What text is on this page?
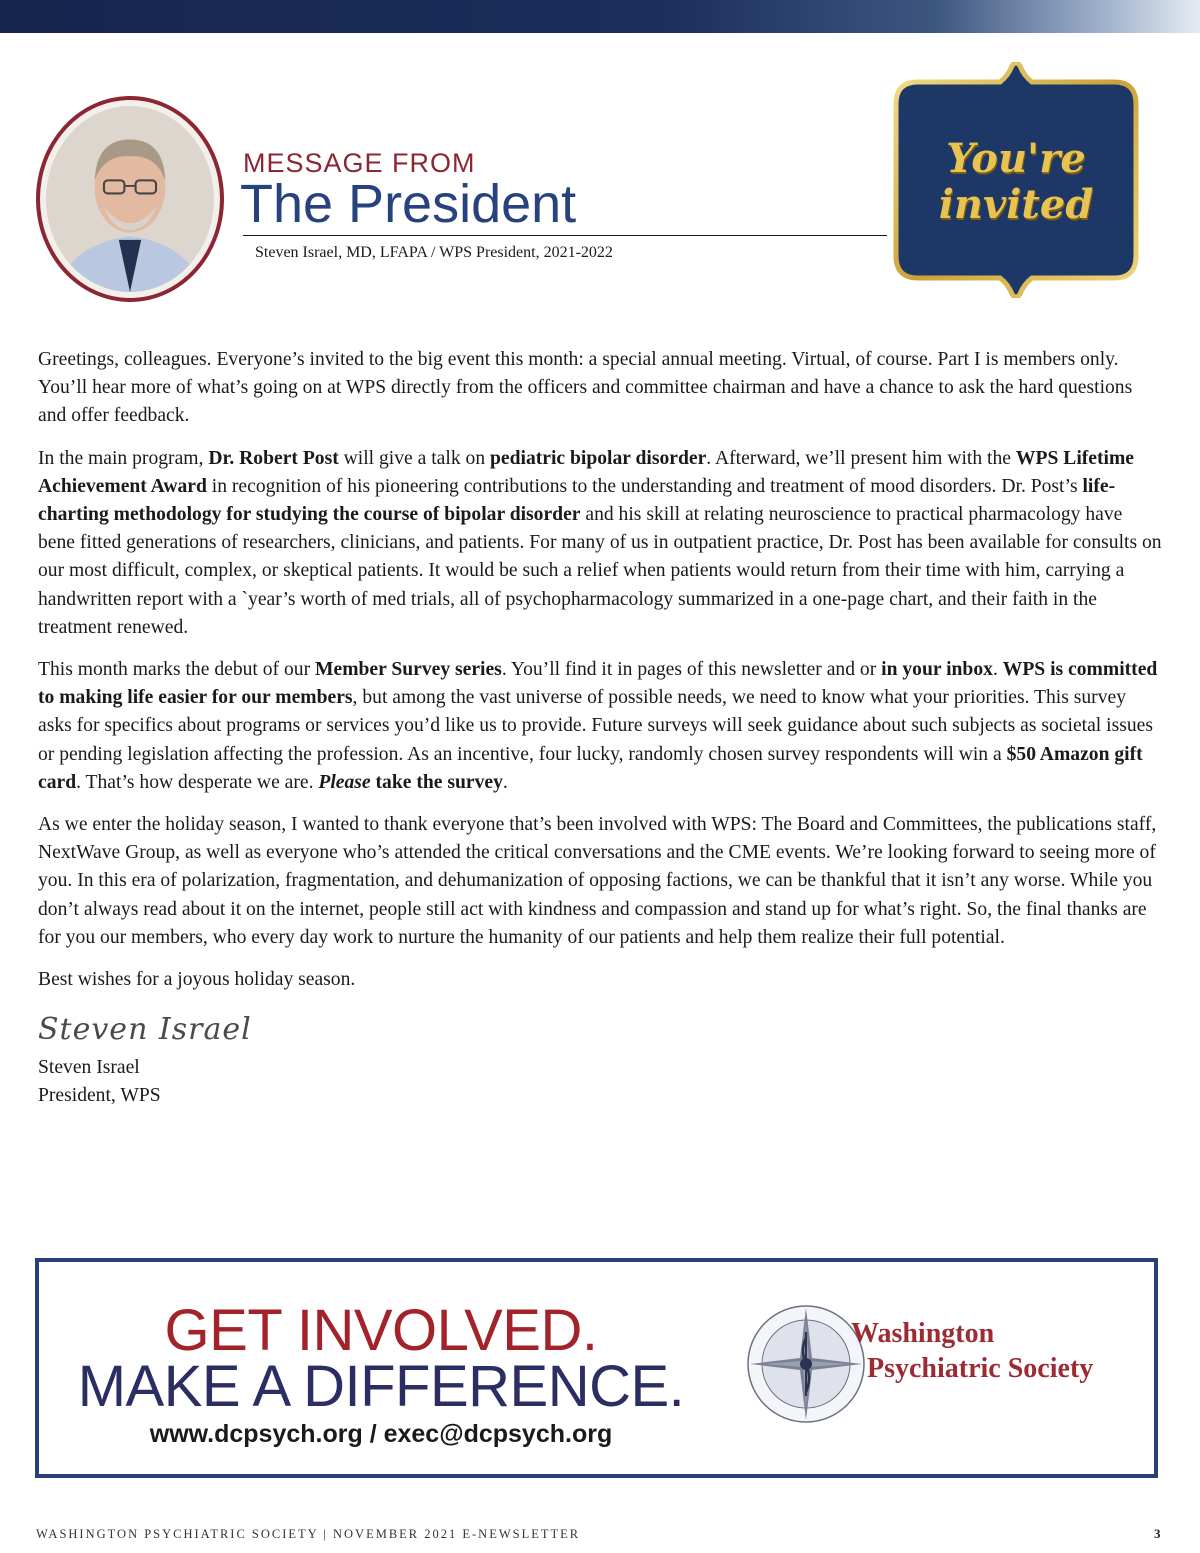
MESSAGE FROM
The President
Steven Israel, MD, LFAPA / WPS President, 2021-2022
You're
invited

Greetings, colleagues. Everyone’s invited to the big event this month: a special annual meeting. Virtual, of course. Part I is members only. You’ll hear more of what’s going on at WPS directly from the officers and committee chairman and have a chance to ask the hard questions and offer feedback.

In the main program, Dr. Robert Post will give a talk on pediatric bipolar disorder. Afterward, we’ll present him with the WPS Lifetime Achievement Award in recognition of his pioneering contributions to the understanding and treatment of mood disorders. Dr. Post’s life-charting methodology for studying the course of bipolar disorder and his skill at relating neuroscience to practical pharmacology have bene fitted generations of researchers, clinicians, and patients. For many of us in outpatient practice, Dr. Post has been available for consults on our most difficult, complex, or skeptical patients. It would be such a relief when patients would return from their time with him, carrying a handwritten report with a `year’s worth of med trials, all of psychopharmacology summarized in a one-page chart, and their faith in the treatment renewed.

This month marks the debut of our Member Survey series. You’ll find it in pages of this newsletter and or in your inbox. WPS is committed to making life easier for our members, but among the vast universe of possible needs, we need to know what your priorities. This survey asks for specifics about programs or services you’d like us to provide. Future surveys will seek guidance about such subjects as societal issues or pending legislation affecting the profession. As an incentive, four lucky, randomly chosen survey respondents will win a $50 Amazon gift card. That’s how desperate we are. Please take the survey.

As we enter the holiday season, I wanted to thank everyone that’s been involved with WPS: The Board and Committees, the publications staff, NextWave Group, as well as everyone who’s attended the critical conversations and the CME events. We’re looking forward to seeing more of you. In this era of polarization, fragmentation, and dehumanization of opposing factions, we can be thankful that it isn’t any worse. While you don’t always read about it on the internet, people still act with kindness and compassion and stand up for what’s right. So, the final thanks are for you our members, who every day work to nurture the humanity of our patients and help them realize their full potential.

Best wishes for a joyous holiday season.

Steven Israel
Steven Israel
President, WPS
GET INVOLVED.
MAKE A DIFFERENCE.
www.dcpsych.org / exec@dcpsych.org
Washington
Psychiatric Society
WASHINGTON PSYCHIATRIC SOCIETY | NOVEMBER 2021 E-NEWSLETTER	3
